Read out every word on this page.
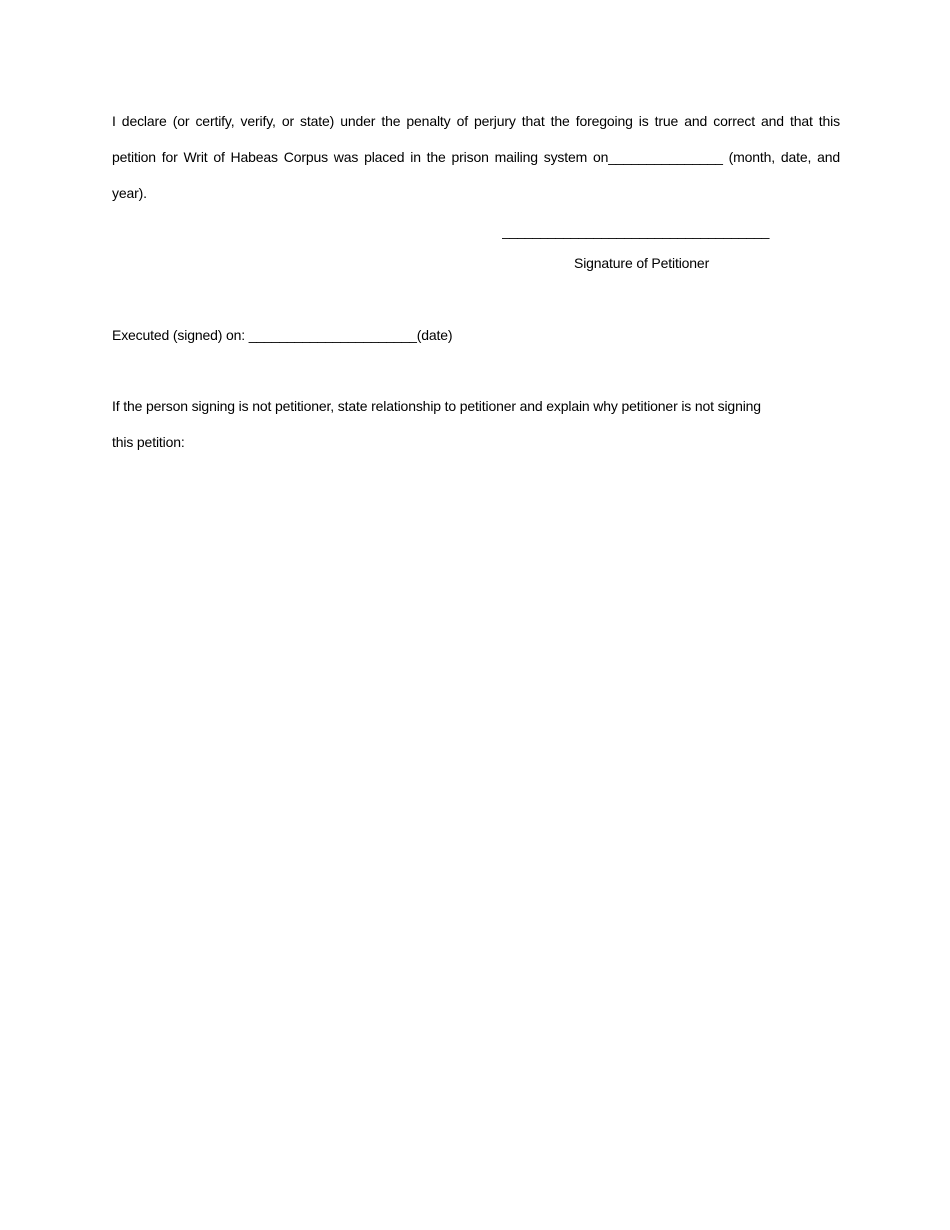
I declare (or certify, verify, or state) under the penalty of perjury that the foregoing is true and correct and that this
petition for Writ of Habeas Corpus was placed in the prison mailing system on_______________ (month, date, and
year).
___________________________________
Signature of Petitioner
Executed (signed) on: ______________________(date)
If the person signing is not petitioner, state relationship to petitioner and explain why petitioner is not signing
this petition:
